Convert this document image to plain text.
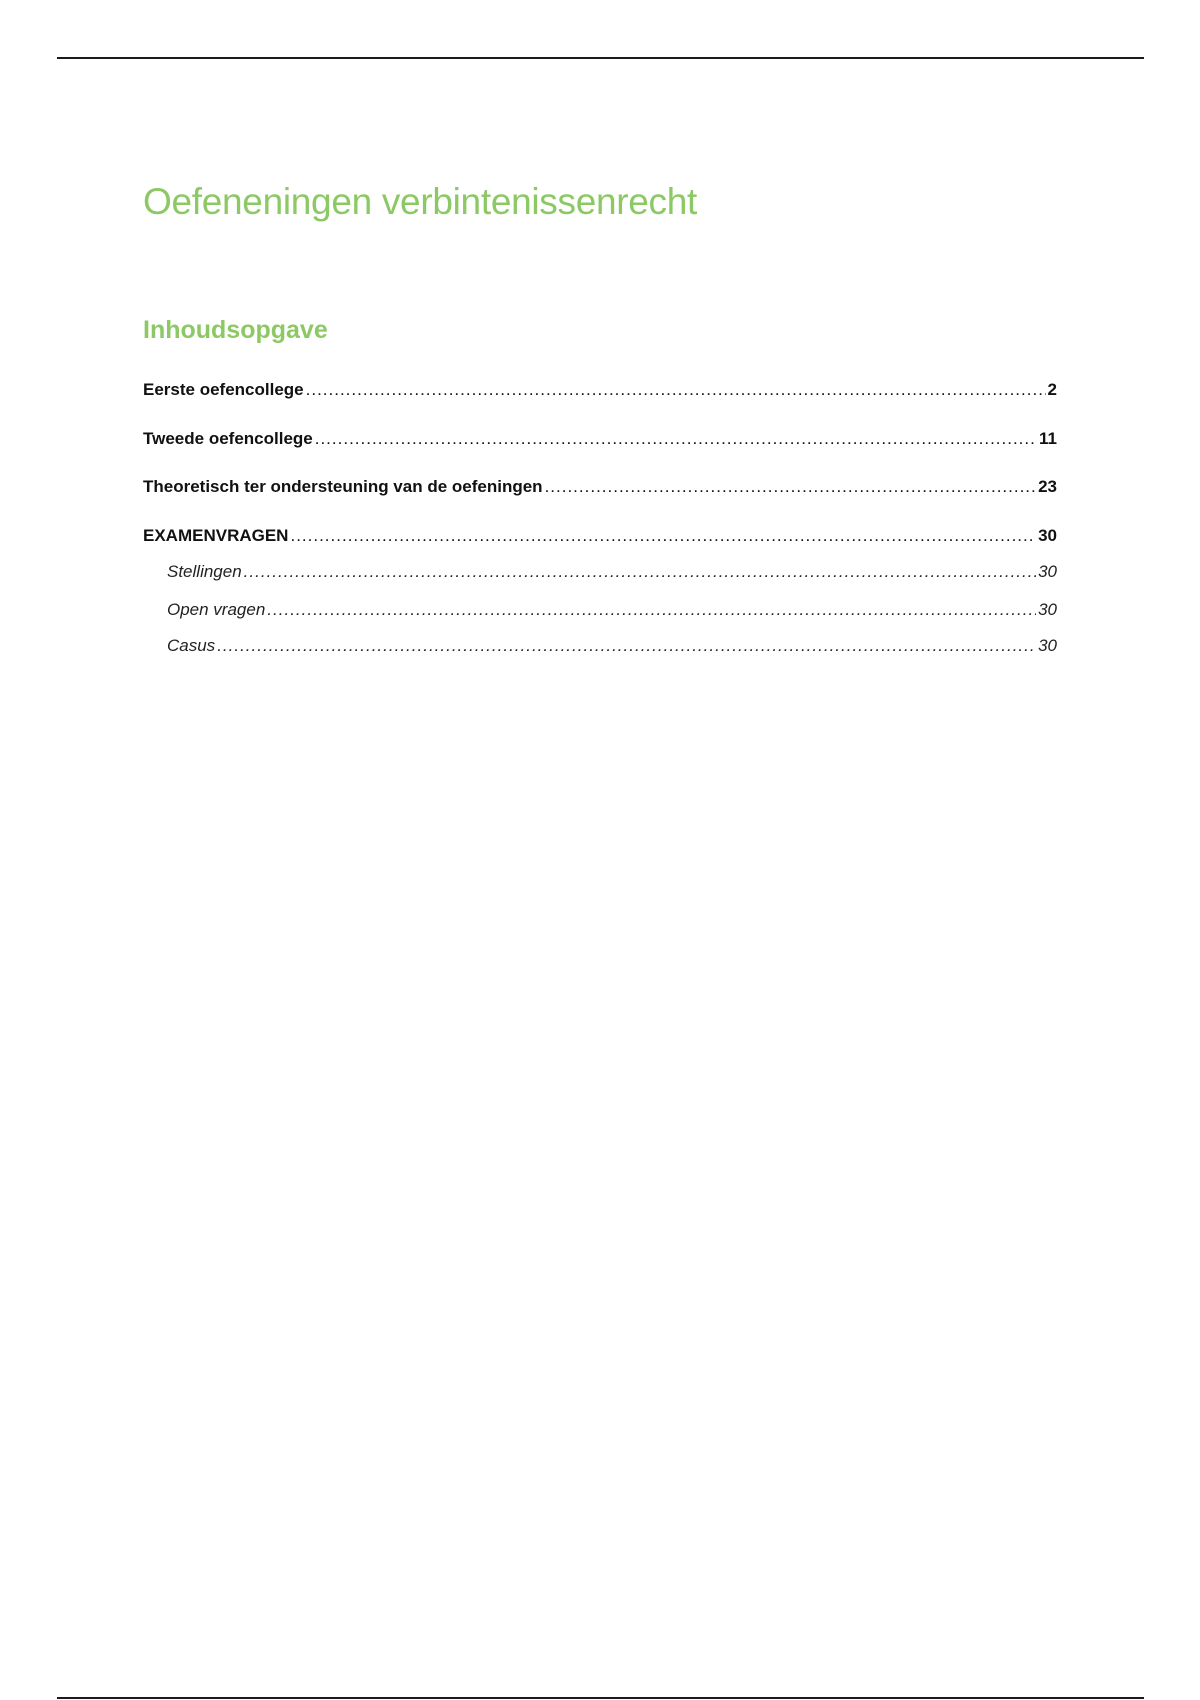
Oefeneningen verbintenissenrecht
Inhoudsopgave
Eerste oefencollege .....	2
Tweede oefencollege .....	11
Theoretisch ter ondersteuning van de oefeningen .....	23
EXAMENVRAGEN .....	30
Stellingen .....	30
Open vragen .....	30
Casus .....	30
